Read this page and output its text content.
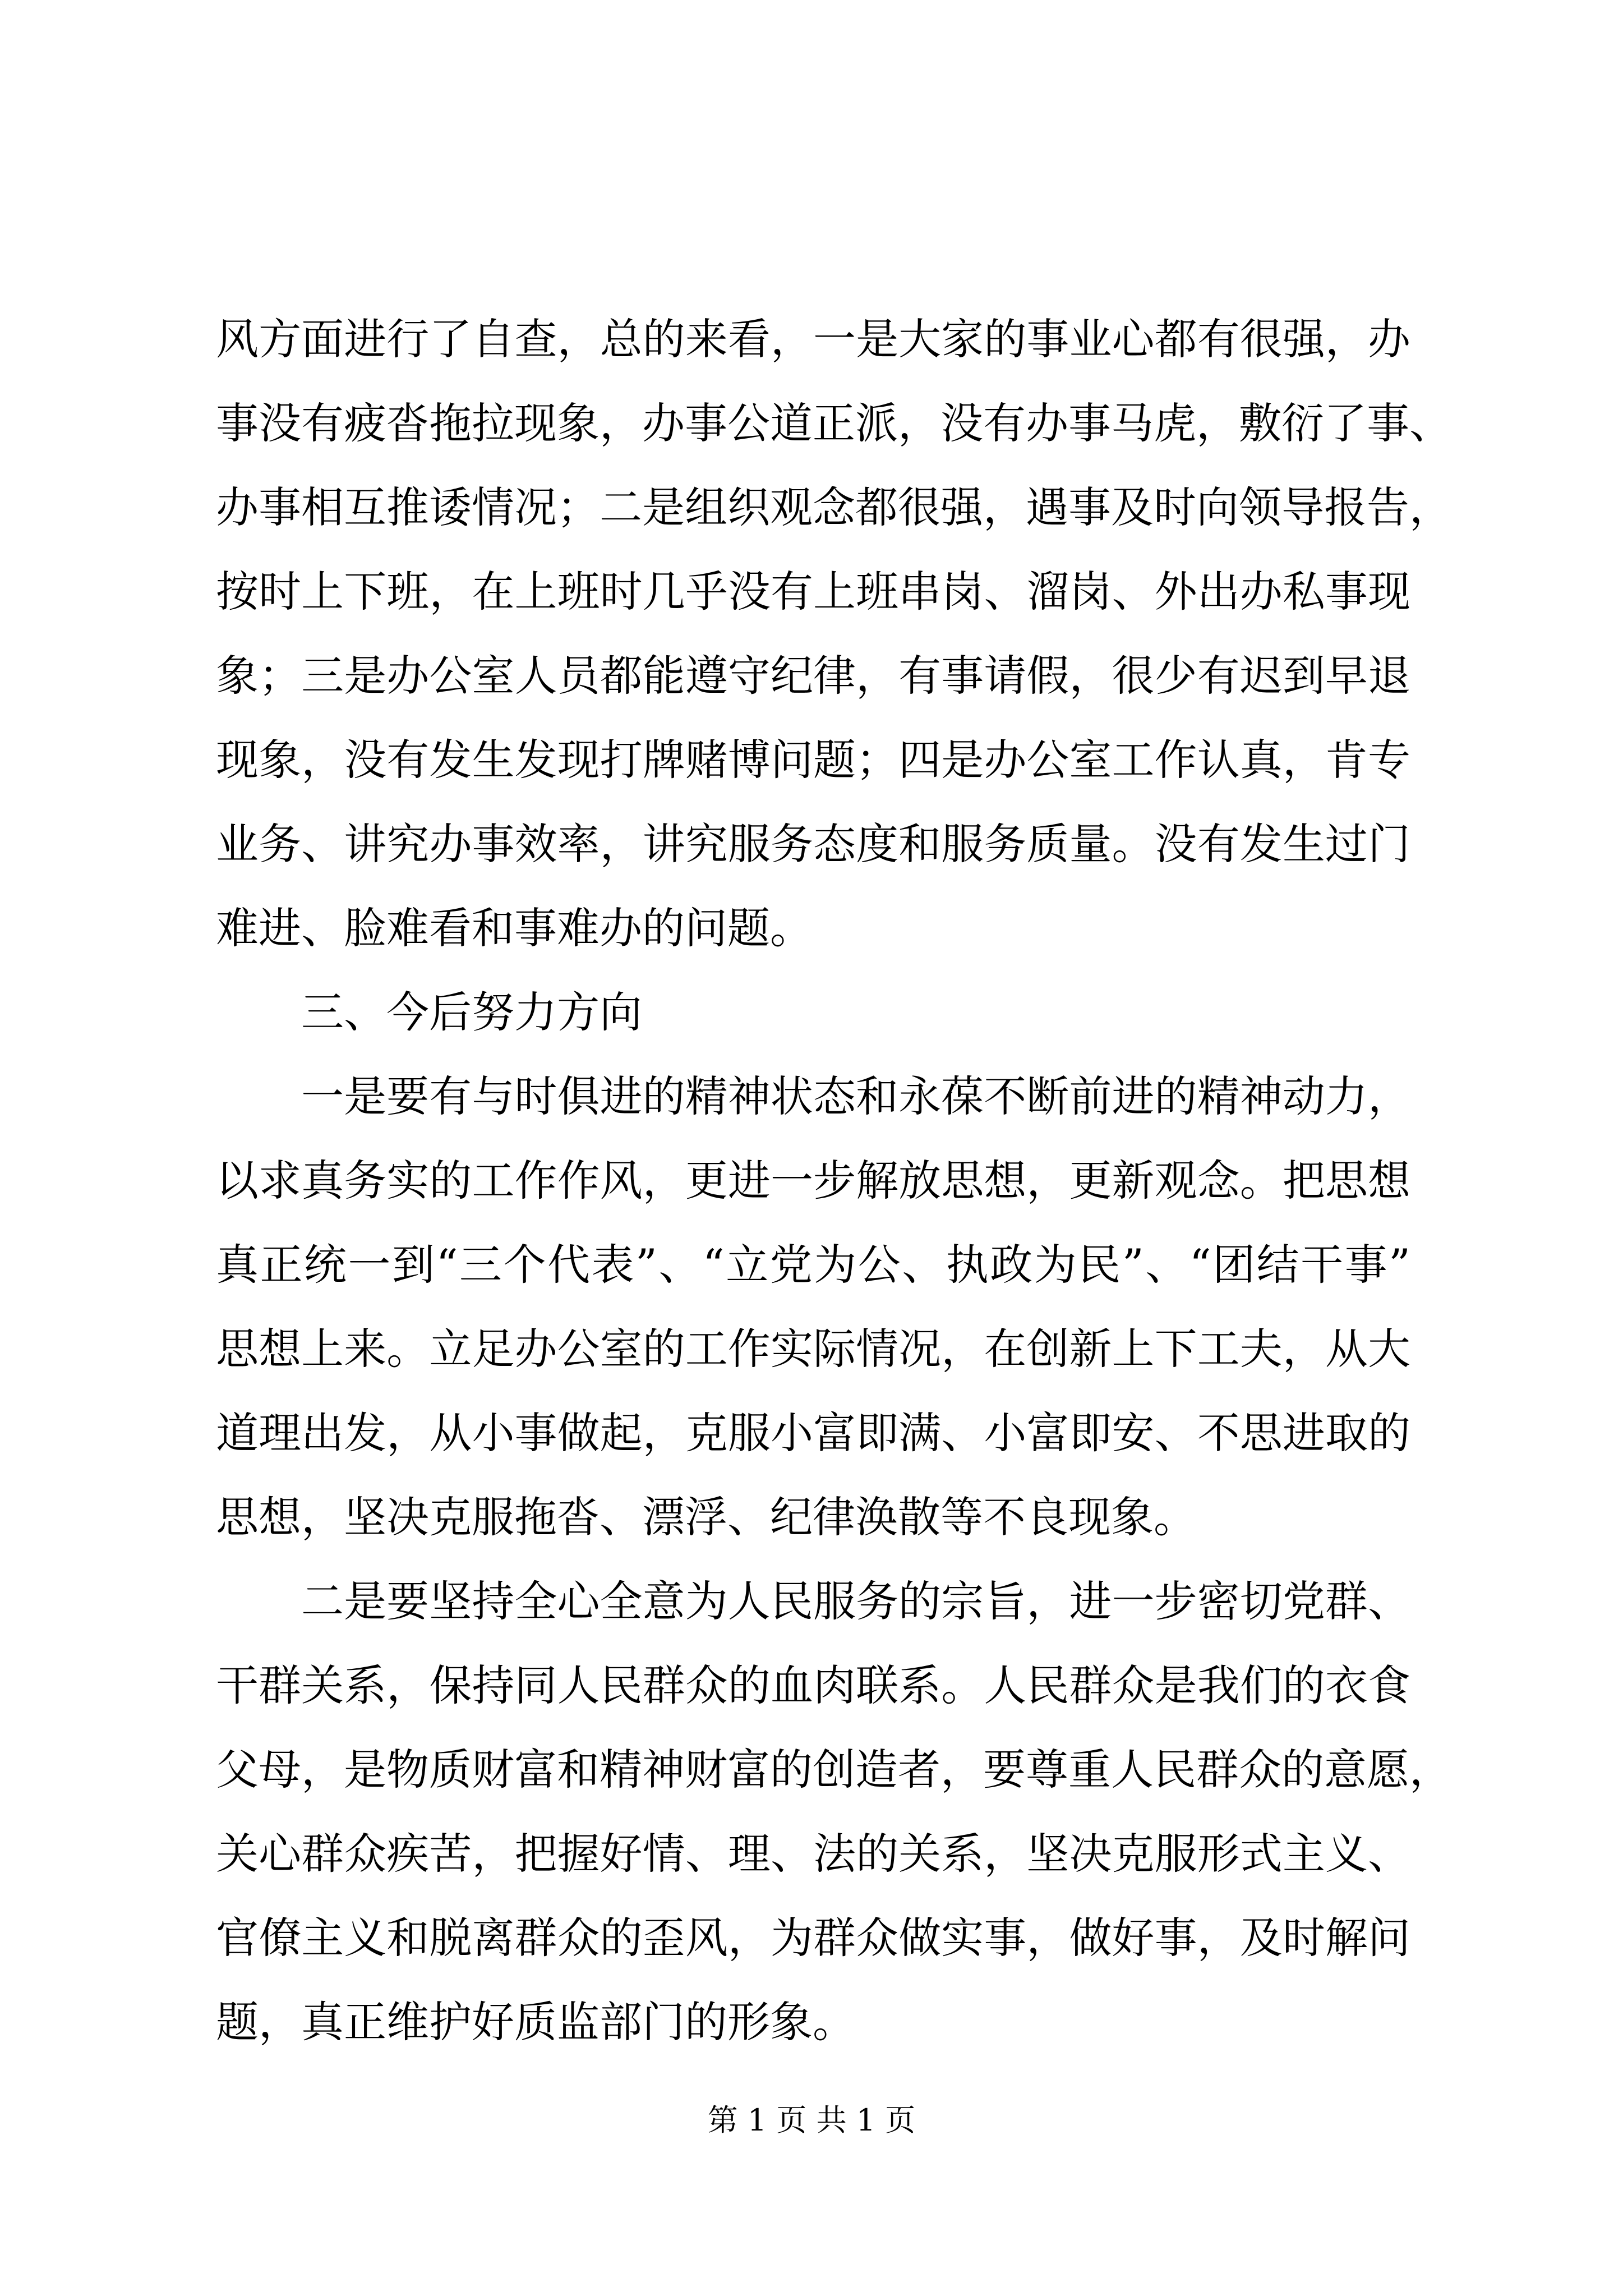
风方面进行了自查，总的来看，一是大家的事业心都有很强，办
事没有疲沓拖拉现象，办事公道正派，没有办事马虎，敷衍了事、
办事相互推诿情况；二是组织观念都很强，遇事及时向领导报告，
按时上下班，在上班时几乎没有上班串岗、溜岗、外出办私事现
象；三是办公室人员都能遵守纪律，有事请假，很少有迟到早退
现象，没有发生发现打牌赌博问题；四是办公室工作认真，肯专
业务、讲究办事效率，讲究服务态度和服务质量。没有发生过门
难进、脸难看和事难办的问题。
三、今后努力方向
一是要有与时俱进的精神状态和永葆不断前进的精神动力，
以求真务实的工作作风，更进一步解放思想，更新观念。把思想
真正统一到“三个代表”、“立党为公、执政为民”、“团结干事”
思想上来。立足办公室的工作实际情况，在创新上下工夫，从大
道理出发，从小事做起，克服小富即满、小富即安、不思进取的
思想，坚决克服拖沓、漂浮、纪律涣散等不良现象。
二是要坚持全心全意为人民服务的宗旨，进一步密切党群、
干群关系，保持同人民群众的血肉联系。人民群众是我们的衣食
父母，是物质财富和精神财富的创造者，要尊重人民群众的意愿，
关心群众疾苦，把握好情、理、法的关系，坚决克服形式主义、
官僚主义和脱离群众的歪风，为群众做实事，做好事，及时解问
题，真正维护好质监部门的形象。
第 1 页 共 1 页
